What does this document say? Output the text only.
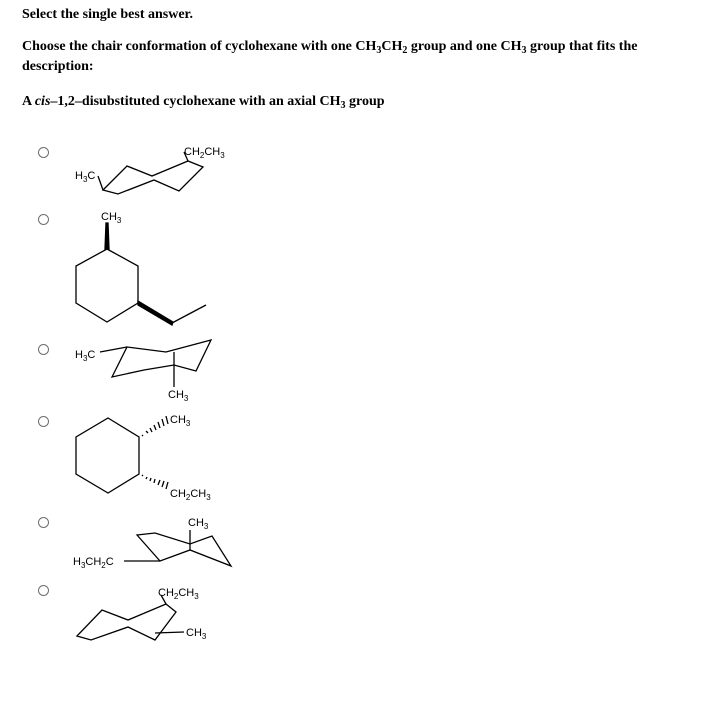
Select the single best answer.
Choose the chair conformation of cyclohexane with one $CH_3CH_2$ group and one $CH_3$ group that fits the description:
A cis–1,2–disubstituted cyclohexane with an axial $CH_3$ group
$CH_2CH_3$
$H_3C$
$CH_3$
$H_3C$
$CH_3$
$CH_3$
$CH_2CH_3$
$H_3CH_2C$
$CH_3$
$CH_2CH_3$
$CH_3$
